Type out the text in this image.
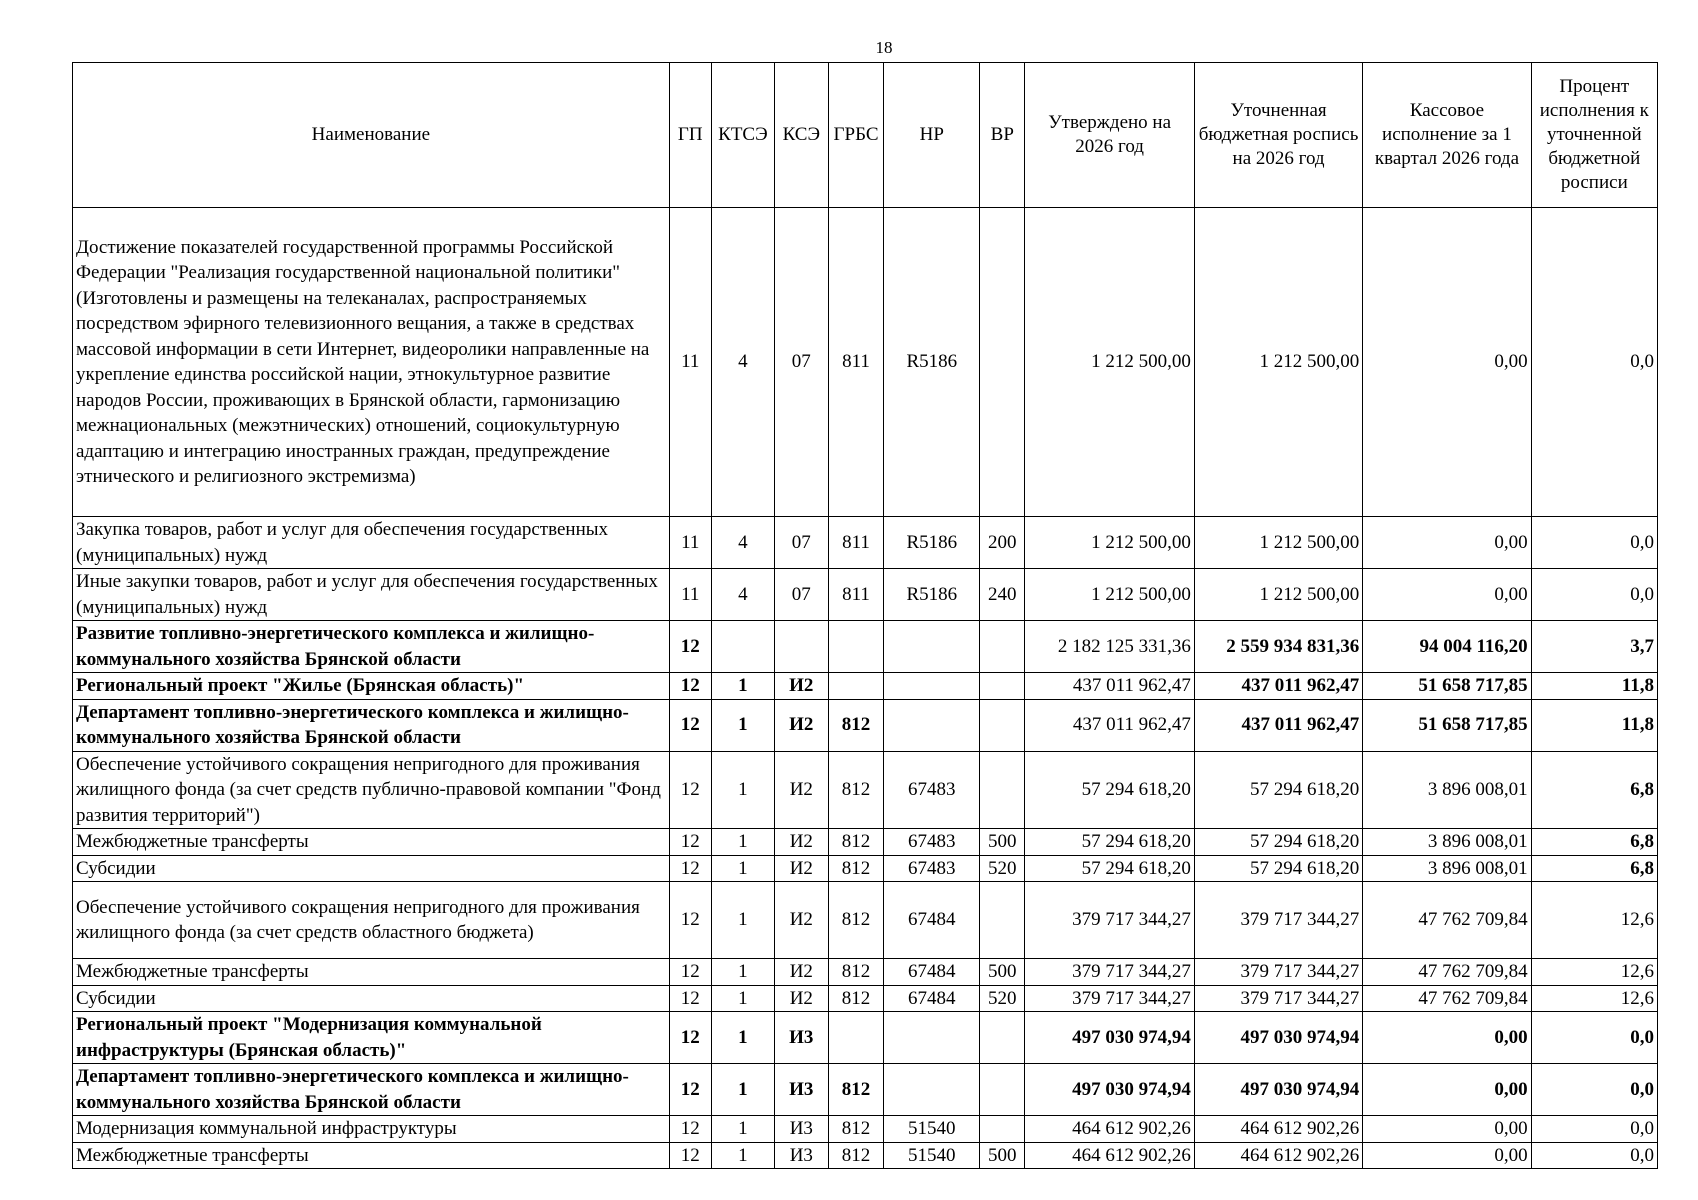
18
Наименование	ГП	КТСЭ	КСЭ	ГРБС	НР	ВР	Утверждено на 2026 год	Уточненная бюджетная роспись на 2026 год	Кассовое исполнение за 1 квартал 2026 года	Процент исполнения к уточненной бюджетной росписи
Достижение показателей государственной программы Российской Федерации "Реализация государственной национальной политики" (Изготовлены и размещены на телеканалах, распространяемых посредством эфирного телевизионного вещания, а также в средствах массовой информации в сети Интернет, видеоролики направленные на укрепление единства российской нации, этнокультурное развитие народов России, проживающих в Брянской области, гармонизацию межнациональных (межэтнических) отношений, социокультурную адаптацию и интеграцию иностранных граждан, предупреждение этнического и религиозного экстремизма)	11	4	07	811	R5186		1 212 500,00	1 212 500,00	0,00	0,0
Закупка товаров, работ и услуг для обеспечения государственных (муниципальных) нужд	11	4	07	811	R5186	200	1 212 500,00	1 212 500,00	0,00	0,0
Иные закупки товаров, работ и услуг для обеспечения государственных (муниципальных) нужд	11	4	07	811	R5186	240	1 212 500,00	1 212 500,00	0,00	0,0
Развитие топливно-энергетического комплекса и жилищно-коммунального хозяйства Брянской области	12						2 182 125 331,36	2 559 934 831,36	94 004 116,20	3,7
Региональный проект "Жилье (Брянская область)"	12	1	И2				437 011 962,47	437 011 962,47	51 658 717,85	11,8
Департамент топливно-энергетического комплекса и жилищно-коммунального хозяйства Брянской области	12	1	И2	812			437 011 962,47	437 011 962,47	51 658 717,85	11,8
Обеспечение устойчивого сокращения непригодного для проживания жилищного фонда (за счет средств публично-правовой компании "Фонд развития территорий")	12	1	И2	812	67483		57 294 618,20	57 294 618,20	3 896 008,01	6,8
Межбюджетные трансферты	12	1	И2	812	67483	500	57 294 618,20	57 294 618,20	3 896 008,01	6,8
Субсидии	12	1	И2	812	67483	520	57 294 618,20	57 294 618,20	3 896 008,01	6,8
Обеспечение устойчивого сокращения непригодного для проживания жилищного фонда (за счет средств областного бюджета)	12	1	И2	812	67484		379 717 344,27	379 717 344,27	47 762 709,84	12,6
Межбюджетные трансферты	12	1	И2	812	67484	500	379 717 344,27	379 717 344,27	47 762 709,84	12,6
Субсидии	12	1	И2	812	67484	520	379 717 344,27	379 717 344,27	47 762 709,84	12,6
Региональный проект "Модернизация коммунальной инфраструктуры (Брянская область)"	12	1	И3				497 030 974,94	497 030 974,94	0,00	0,0
Департамент топливно-энергетического комплекса и жилищно-коммунального хозяйства Брянской области	12	1	И3	812			497 030 974,94	497 030 974,94	0,00	0,0
Модернизация коммунальной инфраструктуры	12	1	И3	812	51540		464 612 902,26	464 612 902,26	0,00	0,0
Межбюджетные трансферты	12	1	И3	812	51540	500	464 612 902,26	464 612 902,26	0,00	0,0
